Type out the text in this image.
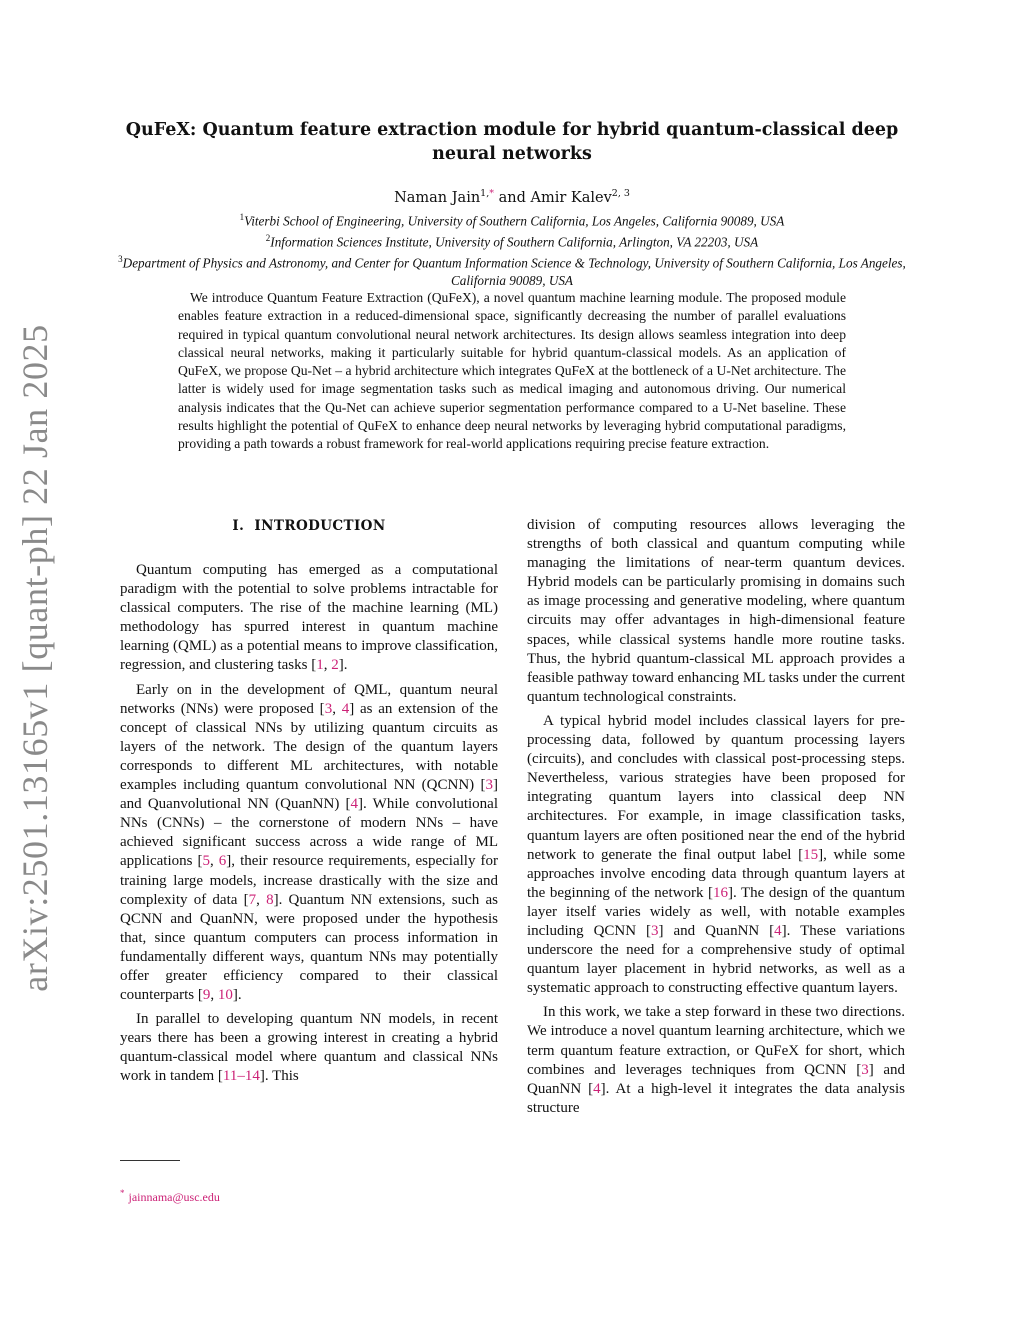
arXiv:2501.13165v1 [quant-ph] 22 Jan 2025
QuFeX: Quantum feature extraction module for hybrid quantum-classical deep neural networks
Naman Jain$^{1,*}$ and Amir Kalev$^{2, 3}$
$^1$Viterbi School of Engineering, University of Southern California, Los Angeles, California 90089, USA
$^2$Information Sciences Institute, University of Southern California, Arlington, VA 22203, USA
$^3$Department of Physics and Astronomy, and Center for Quantum Information Science & Technology, University of Southern California, Los Angeles, California 90089, USA

We introduce Quantum Feature Extraction (QuFeX), a novel quantum machine learning module. The proposed module enables feature extraction in a reduced-dimensional space, significantly decreasing the number of parallel evaluations required in typical quantum convolutional neural network architectures. Its design allows seamless integration into deep classical neural networks, making it particularly suitable for hybrid quantum-classical models. As an application of QuFeX, we propose Qu-Net – a hybrid architecture which integrates QuFeX at the bottleneck of a U-Net architecture. The latter is widely used for image segmentation tasks such as medical imaging and autonomous driving. Our numerical analysis indicates that the Qu-Net can achieve superior segmentation performance compared to a U-Net baseline. These results highlight the potential of QuFeX to enhance deep neural networks by leveraging hybrid computational paradigms, providing a path towards a robust framework for real-world applications requiring precise feature extraction.

I. INTRODUCTION

Quantum computing has emerged as a computational paradigm with the potential to solve problems intractable for classical computers. The rise of the machine learning (ML) methodology has spurred interest in quantum machine learning (QML) as a potential means to improve classification, regression, and clustering tasks [1, 2].

Early on in the development of QML, quantum neural networks (NNs) were proposed [3, 4] as an extension of the concept of classical NNs by utilizing quantum circuits as layers of the network. The design of the quantum layers corresponds to different ML architectures, with notable examples including quantum convolutional NN (QCNN) [3] and Quanvolutional NN (QuanNN) [4]. While convolutional NNs (CNNs) – the cornerstone of modern NNs – have achieved significant success across a wide range of ML applications [5, 6], their resource requirements, especially for training large models, increase drastically with the size and complexity of data [7, 8]. Quantum NN extensions, such as QCNN and QuanNN, were proposed under the hypothesis that, since quantum computers can process information in fundamentally different ways, quantum NNs may potentially offer greater efficiency compared to their classical counterparts [9, 10].

In parallel to developing quantum NN models, in recent years there has been a growing interest in creating a hybrid quantum-classical model where quantum and classical NNs work in tandem [11–14]. This

division of computing resources allows leveraging the strengths of both classical and quantum computing while managing the limitations of near-term quantum devices. Hybrid models can be particularly promising in domains such as image processing and generative modeling, where quantum circuits may offer advantages in high-dimensional feature spaces, while classical systems handle more routine tasks. Thus, the hybrid quantum-classical ML approach provides a feasible pathway toward enhancing ML tasks under the current quantum technological constraints.

A typical hybrid model includes classical layers for pre-processing data, followed by quantum processing layers (circuits), and concludes with classical post-processing steps. Nevertheless, various strategies have been proposed for integrating quantum layers into classical deep NN architectures. For example, in image classification tasks, quantum layers are often positioned near the end of the hybrid network to generate the final output label [15], while some approaches involve encoding data through quantum layers at the beginning of the network [16]. The design of the quantum layer itself varies widely as well, with notable examples including QCNN [3] and QuanNN [4]. These variations underscore the need for a comprehensive study of optimal quantum layer placement in hybrid networks, as well as a systematic approach to constructing effective quantum layers.

In this work, we take a step forward in these two directions. We introduce a novel quantum learning architecture, which we term quantum feature extraction, or QuFeX for short, which combines and leverages techniques from QCNN [3] and QuanNN [4]. At a high-level it integrates the data analysis structure

* jainnama@usc.edu
